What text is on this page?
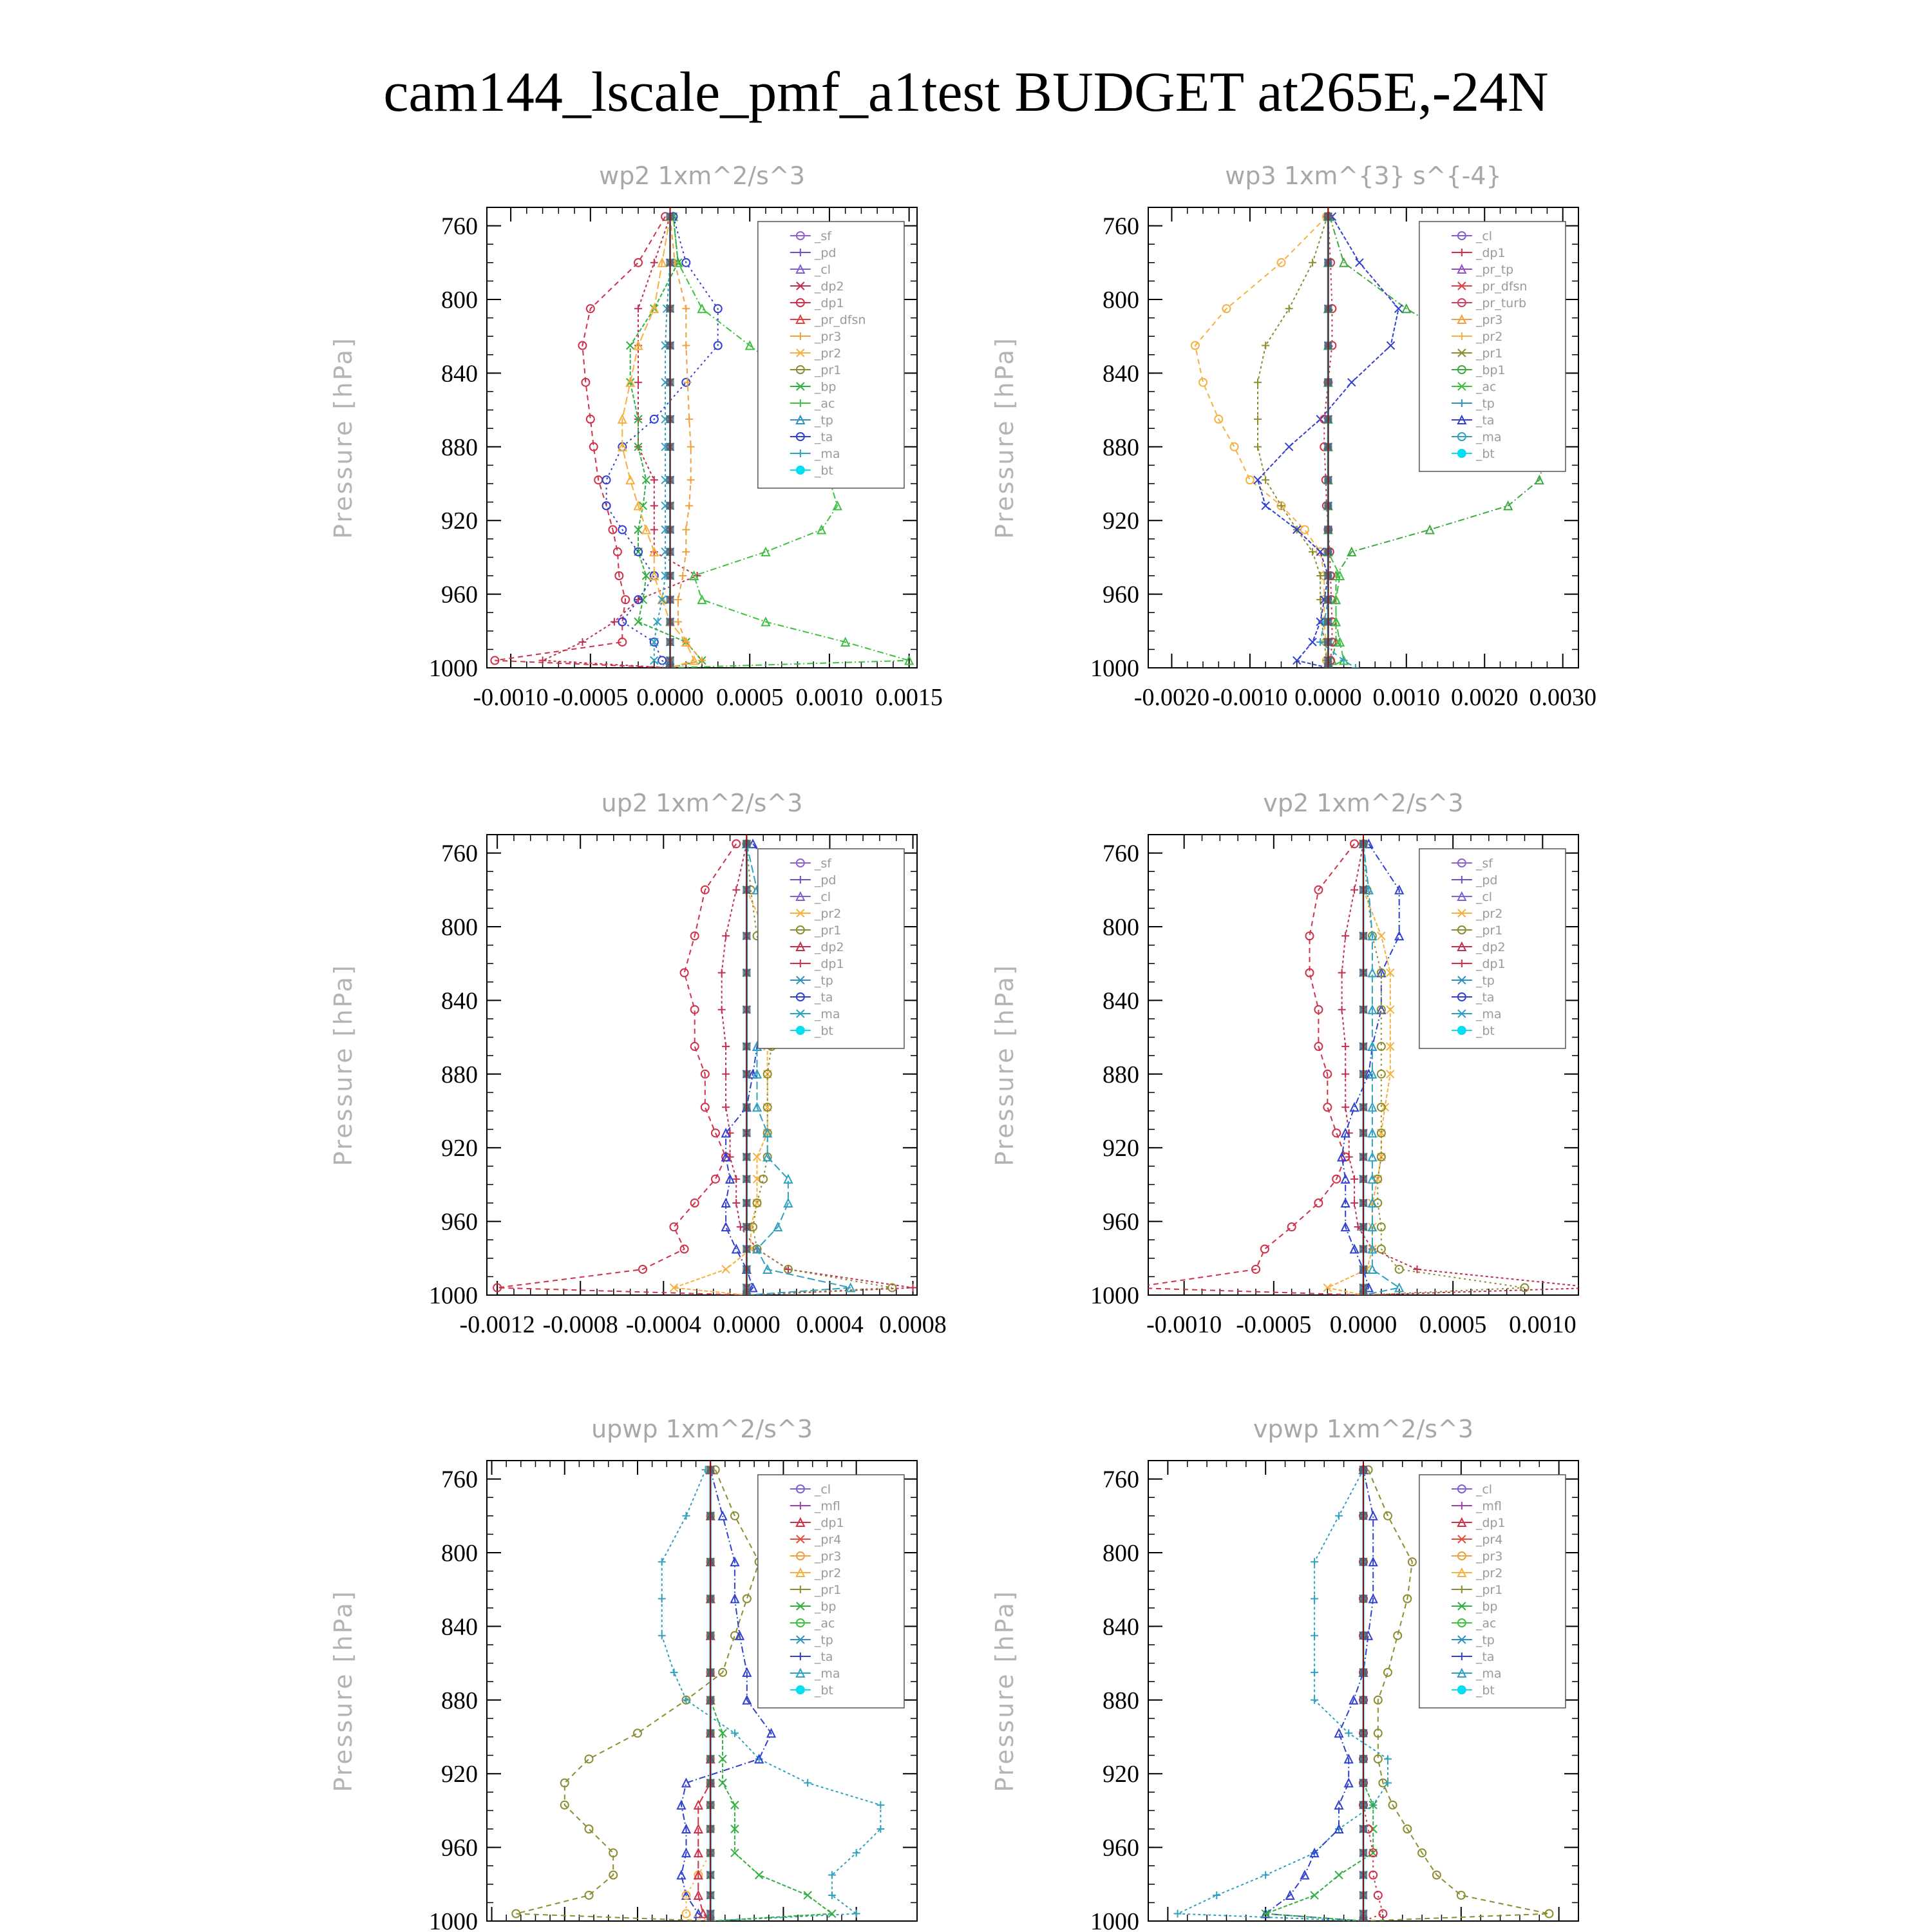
cam144_lscale_pmf_a1test BUDGET at265E,-24N
wp2 1xm^2/s^3
Pressure [hPa]
760
800
840
880
920
960
1000
-0.0010 -0.0005 0.0000 0.0005 0.0010 0.0015
_sf
_pd
_cl
_dp2
_dp1
_pr_dfsn
_pr3
_pr2
_pr1
_bp
_ac
_tp
_ta
_ma
_bt
wp3 1xm^{3} s^{-4}
Pressure [hPa]
760
800
840
880
920
960
1000
-0.0020 -0.0010 0.0000 0.0010 0.0020 0.0030
_cl
_dp1
_pr_tp
_pr_dfsn
_pr_turb
_pr3
_pr2
_pr1
_bp1
_ac
_tp
_ta
_ma
_bt
up2 1xm^2/s^3
Pressure [hPa]
760
800
840
880
920
960
1000
-0.0012 -0.0008 -0.0004 0.0000 0.0004 0.0008
_sf
_pd
_cl
_pr2
_pr1
_dp2
_dp1
_tp
_ta
_ma
_bt
vp2 1xm^2/s^3
Pressure [hPa]
760
800
840
880
920
960
1000
-0.0010 -0.0005 0.0000 0.0005 0.0010
_sf
_pd
_cl
_pr2
_pr1
_dp2
_dp1
_tp
_ta
_ma
_bt
upwp 1xm^2/s^3
Pressure [hPa]
760
800
840
880
920
960
1000
_cl
_mfl
_dp1
_pr4
_pr3
_pr2
_pr1
_bp
_ac
_tp
_ta
_ma
_bt
vpwp 1xm^2/s^3
Pressure [hPa]
760
800
840
880
920
960
1000
_cl
_mfl
_dp1
_pr4
_pr3
_pr2
_pr1
_bp
_ac
_tp
_ta
_ma
_bt
